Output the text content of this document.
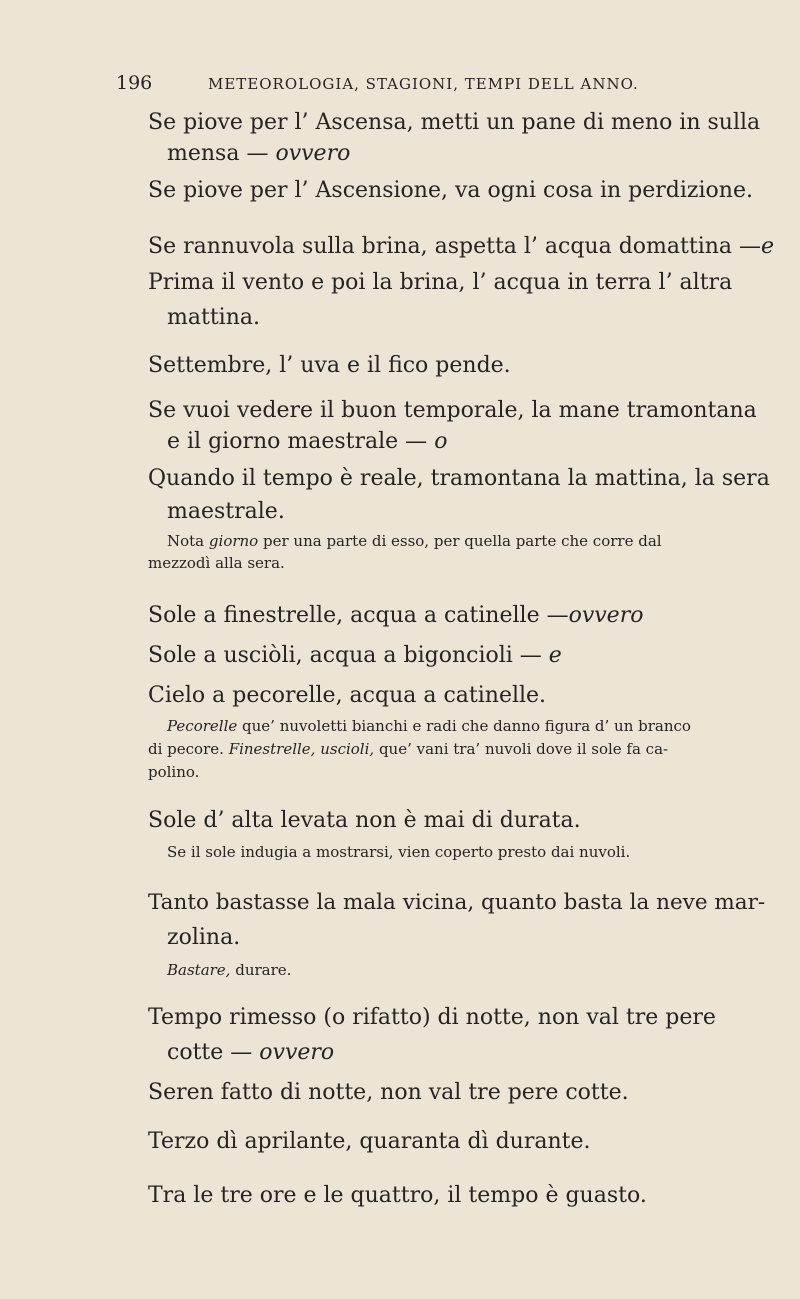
196	METEOROLOGIA, STAGIONI, TEMPI DELL ANNO.
Se piove per l’ Ascensa, metti un pane di meno in sulla
mensa — ovvero
Se piove per l’ Ascensione, va ogni cosa in perdizione.
Se rannuvola sulla brina, aspetta l’ acqua domattina —e
Prima il vento e poi la brina, l’ acqua in terra l’ altra
mattina.
Settembre, l’ uva e il fico pende.
Se vuoi vedere il buon temporale, la mane tramontana
e il giorno maestrale — o
Quando il tempo è reale, tramontana la mattina, la sera
maestrale.
Nota giorno per una parte di esso, per quella parte che corre dal
mezzodì alla sera.
Sole a finestrelle, acqua a catinelle —ovvero
Sole a usciòli, acqua a bigoncioli — e
Cielo a pecorelle, acqua a catinelle.
Pecorelle que’ nuvoletti bianchi e radi che danno figura d’ un branco
di pecore. Finestrelle, uscioli, que’ vani tra’ nuvoli dove il sole fa ca-
polino.
Sole d’ alta levata non è mai di durata.
Se il sole indugia a mostrarsi, vien coperto presto dai nuvoli.
Tanto bastasse la mala vicina, quanto basta la neve mar-
zolina.
Bastare, durare.
Tempo rimesso (o rifatto) di notte, non val tre pere
cotte — ovvero
Seren fatto di notte, non val tre pere cotte.
Terzo dì aprilante, quaranta dì durante.
Tra le tre ore e le quattro, il tempo è guasto.
